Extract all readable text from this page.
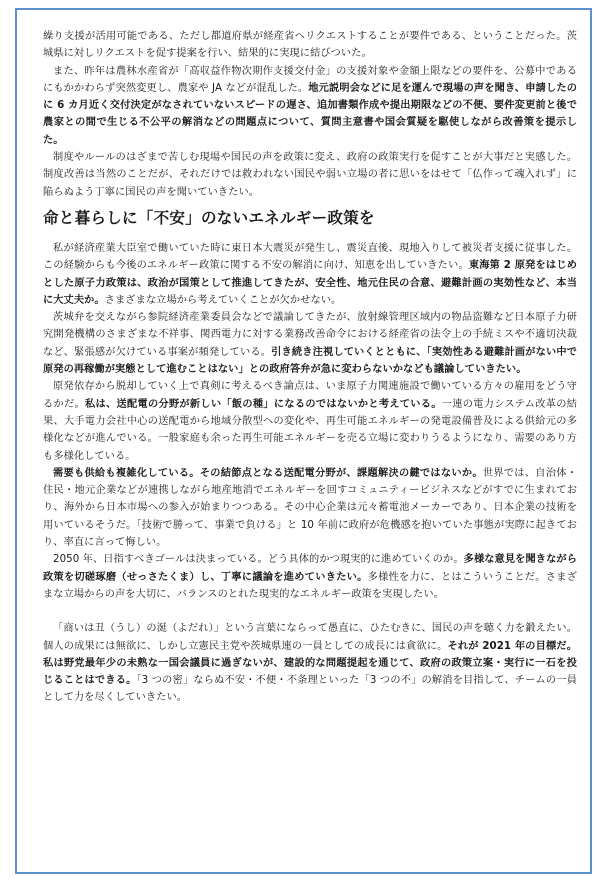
繰り支援が活用可能である、ただし都道府県が経産省へリクエストすることが要件である、ということだった。茨城県に対しリクエストを促す提案を行い、結果的に実現に結びついた。

また、昨年は農林水産省が「高収益作物次期作支援交付金」の支援対象や金額上限などの要件を、公募中であるにもかかわらず突然変更し、農家や JA などが混乱した。地元説明会などに足を運んで現場の声を聞き、申請したのに 6 カ月近く交付決定がなされていないスピードの遅さ、追加書類作成や提出期限などの不便、要件変更前と後で農家との間で生じる不公平の解消などの問題点について、質問主意書や国会質疑を駆使しながら改善策を提示した。

制度やルールのはざまで苦しむ現場や国民の声を政策に変え、政府の政策実行を促すことが大事だと実感した。制度改善は当然のことだが、それだけでは救われない国民や弱い立場の者に思いをはせて「仏作って魂入れず」に陥らぬよう丁寧に国民の声を聞いていきたい。

命と暮らしに「不安」のないエネルギー政策を

私が経済産業大臣室で働いていた時に東日本大震災が発生し、震災直後、現地入りして被災者支援に従事した。この経験からも今後のエネルギー政策に関する不安の解消に向け、知恵を出していきたい。東海第 2 原発をはじめとした原子力政策は、政治が国策として推進してきたが、安全性、地元住民の合意、避難計画の実効性など、本当に大丈夫か。さまざまな立場から考えていくことが欠かせない。

茨城弁を交えながら参院経済産業委員会などで議論してきたが、放射線管理区域内の物品盗難など日本原子力研究開発機構のさまざまな不祥事、関西電力に対する業務改善命令における経産省の法令上の手続ミスや不適切決裁など、緊張感が欠けている事案が頻発している。引き続き注視していくとともに、「実効性ある避難計画がない中で原発の再稼働が実態として進むことはない」との政府答弁が急に変わらないかなども議論していきたい。

原発依存から脱却していく上で真剣に考えるべき論点は、いま原子力関連施設で働いている方々の雇用をどう守るかだ。私は、送配電の分野が新しい「飯の種」になるのではないかと考えている。一連の電力システム改革の結果、大手電力会社中心の送配電から地域分散型への変化や、再生可能エネルギーの発電設備普及による供給元の多様化などが進んでいる。一般家庭も余った再生可能エネルギーを売る立場に変わりうるようになり、需要のあり方も多様化している。

需要も供給も複雑化している。その結節点となる送配電分野が、課題解決の鍵ではないか。世界では、自治体・住民・地元企業などが連携しながら地産地消でエネルギーを回すコミュニティービジネスなどがすでに生まれており、海外から日本市場への参入が始まりつつある。その中心企業は元々蓄電池メーカーであり、日本企業の技術を用いているそうだ。「技術で勝って、事業で負ける」と 10 年前に政府が危機感を抱いていた事態が実際に起きており、率直に言って悔しい。

2050 年、日指すべきゴールは決まっている。どう具体的かつ現実的に進めていくのか。多様な意見を聞きながら政策を切磋琢磨（せっさたくま）し、丁寧に議論を進めていきたい。多様性を力に、とはこういうことだ。さまざまな立場からの声を大切に、バランスのとれた現実的なエネルギー政策を実現したい。

「商いは丑（うし）の涎（よだれ）」という言葉にならって愚直に、ひたむきに、国民の声を聴く力を鍛えたい。個人の成果には無欲に、しかし立憲民主党や茨城県連の一員としての成長には貪欲に。それが 2021 年の目標だ。私は野党最年少の未熟な一国会議員に過ぎないが、建設的な問題提起を通じて、政府の政策立案・実行に一石を投じることはできる。「3 つの密」ならぬ不安・不便・不条理といった「3 つの不」の解消を目指して、チームの一員として力を尽くしていきたい。
